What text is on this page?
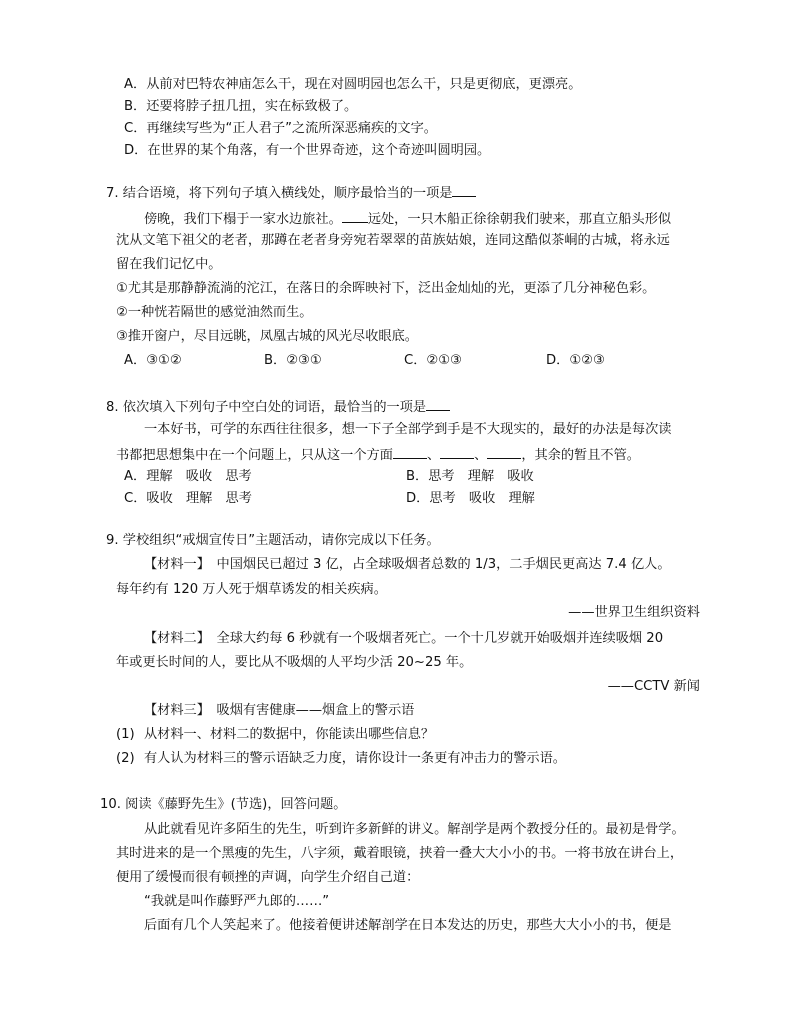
A．从前对巴特农神庙怎么干，现在对圆明园也怎么干，只是更彻底，更漂亮。
B．还要将脖子扭几扭，实在标致极了。
C．再继续写些为“正人君子”之流所深恶痛疾的文字。
D．在世界的某个角落，有一个世界奇迹，这个奇迹叫圆明园。
7. 结合语境，将下列句子填入横线处，顺序最恰当的一项是
傍晚，我们下榻于一家水边旅社。 远处，一只木船正徐徐朝我们驶来，那直立船头形似
沈从文笔下祖父的老者，那蹲在老者身旁宛若翠翠的苗族姑娘，连同这酷似茶峒的古城，将永远
留在我们记忆中。
①尤其是那静静流淌的沱江，在落日的余晖映衬下，泛出金灿灿的光，更添了几分神秘色彩。
②一种恍若隔世的感觉油然而生。
③推开窗户，尽目远眺，凤凰古城的风光尽收眼底。
A．③①②	B．②③①	C．②①③	D．①②③
8. 依次填入下列句子中空白处的词语，最恰当的一项是
一本好书，可学的东西往往很多，想一下子全部学到手是不大现实的，最好的办法是每次读
书都把思想集中在一个问题上，只从这一个方面	、	、	，其余的暂且不管。
A．理解　吸收　思考	B．思考　理解　吸收
C．吸收　理解　思考	D．思考　吸收　理解
9. 学校组织“戒烟宣传日”主题活动，请你完成以下任务。
【材料一】　中国烟民已超过 3 亿，占全球吸烟者总数的 1/3，二手烟民更高达 7.4 亿人。
每年约有 120 万人死于烟草诱发的相关疾病。
——世界卫生组织资料
【材料二】　全球大约每 6 秒就有一个吸烟者死亡。一个十几岁就开始吸烟并连续吸烟 20
年或更长时间的人，要比从不吸烟的人平均少活 20~25 年。
——CCTV 新闻
【材料三】　吸烟有害健康——烟盒上的警示语
(1) 从材料一、材料二的数据中，你能读出哪些信息？
(2) 有人认为材料三的警示语缺乏力度，请你设计一条更有冲击力的警示语。
10. 阅读《藤野先生》(节选)，回答问题。
从此就看见许多陌生的先生，听到许多新鲜的讲义。解剖学是两个教授分任的。最初是骨学。
其时进来的是一个黑瘦的先生，八字须，戴着眼镜，挟着一叠大大小小的书。一将书放在讲台上，
便用了缓慢而很有顿挫的声调，向学生介绍自己道：
“我就是叫作藤野严九郎的……”
后面有几个人笑起来了。他接着便讲述解剖学在日本发达的历史，那些大大小小的书，便是
